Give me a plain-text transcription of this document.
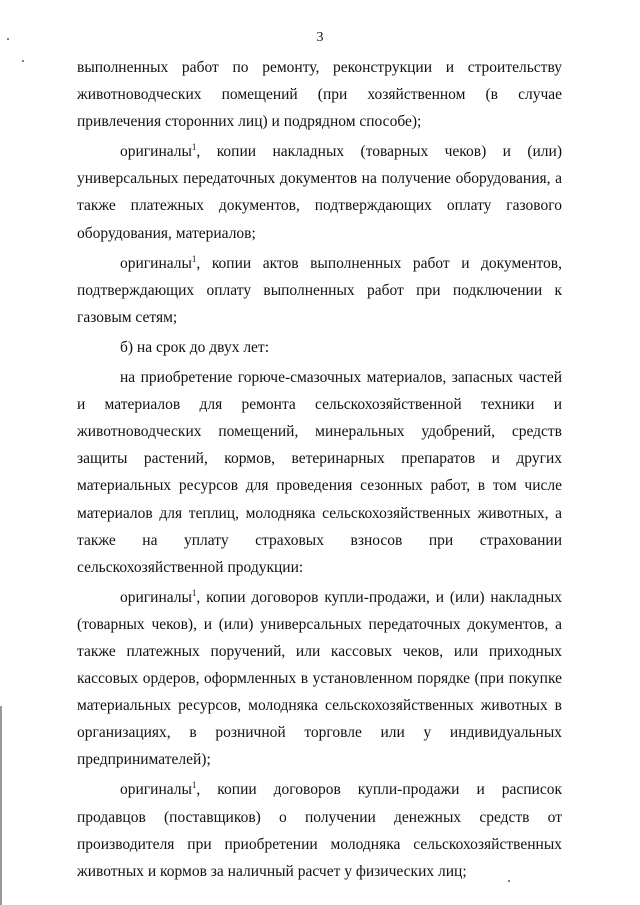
3

выполненных работ по ремонту, реконструкции и строительству животноводческих помещений (при хозяйственном (в случае привлечения сторонних лиц) и подрядном способе);

оригиналы$^1$, копии накладных (товарных чеков) и (или) универсальных передаточных документов на получение оборудования, а также платежных документов, подтверждающих оплату газового оборудования, материалов;

оригиналы$^1$, копии актов выполненных работ и документов, подтверждающих оплату выполненных работ при подключении к газовым сетям;

б) на срок до двух лет:

на приобретение горюче-смазочных материалов, запасных частей и материалов для ремонта сельскохозяйственной техники и животноводческих помещений, минеральных удобрений, средств защиты растений, кормов, ветеринарных препаратов и других материальных ресурсов для проведения сезонных работ, в том числе материалов для теплиц, молодняка сельскохозяйственных животных, а также на уплату страховых взносов при страховании сельскохозяйственной продукции:

оригиналы$^1$, копии договоров купли-продажи, и (или) накладных (товарных чеков), и (или) универсальных передаточных документов, а также платежных поручений, или кассовых чеков, или приходных кассовых ордеров, оформленных в установленном порядке (при покупке материальных ресурсов, молодняка сельскохозяйственных животных в организациях, в розничной торговле или у индивидуальных предпринимателей);

оригиналы$^1$, копии договоров купли-продажи и расписок продавцов (поставщиков) о получении денежных средств от производителя при приобретении молодняка сельскохозяйственных животных и кормов за наличный расчет у физических лиц;
